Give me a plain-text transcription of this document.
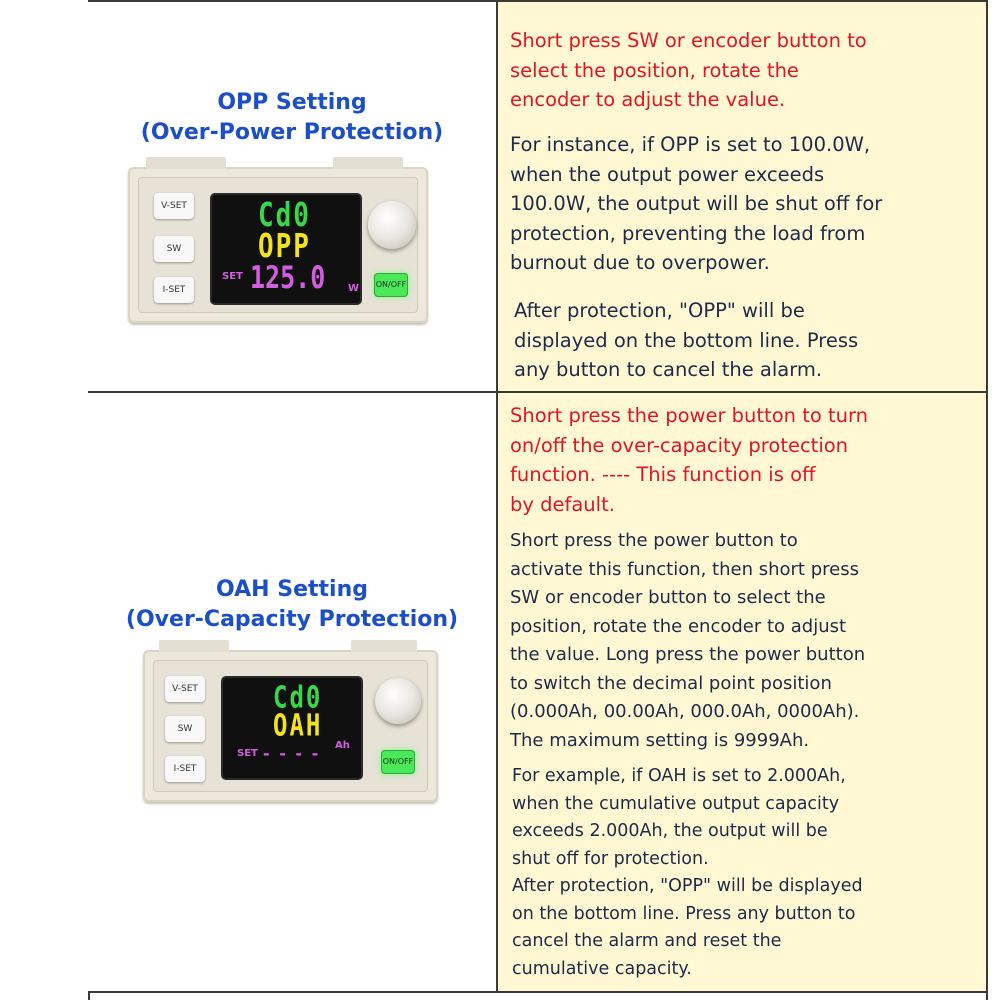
OPP Setting
(Over-Power Protection)
V-SET
SW
I-SET
Cd0
OPP
SET 125.0 W ON/OFF

Short press SW or encoder button to
select the position, rotate the
encoder to adjust the value.

For instance, if OPP is set to 100.0W,
when the output power exceeds
100.0W, the output will be shut off for
protection, preventing the load from
burnout due to overpower.

After protection, "OPP" will be
displayed on the bottom line. Press
any button to cancel the alarm.

OAH Setting
(Over-Capacity Protection)
V-SET
SW
I-SET
Cd0
OAH
SET - - - - Ah
ON/OFF

Short press the power button to turn
on/off the over-capacity protection
function. ---- This function is off
by default.

Short press the power button to
activate this function, then short press
SW or encoder button to select the
position, rotate the encoder to adjust
the value. Long press the power button
to switch the decimal point position
(0.000Ah, 00.00Ah, 000.0Ah, 0000Ah).
The maximum setting is 9999Ah.

For example, if OAH is set to 2.000Ah,
when the cumulative output capacity
exceeds 2.000Ah, the output will be
shut off for protection.
After protection, "OPP" will be displayed
on the bottom line. Press any button to
cancel the alarm and reset the
cumulative capacity.
